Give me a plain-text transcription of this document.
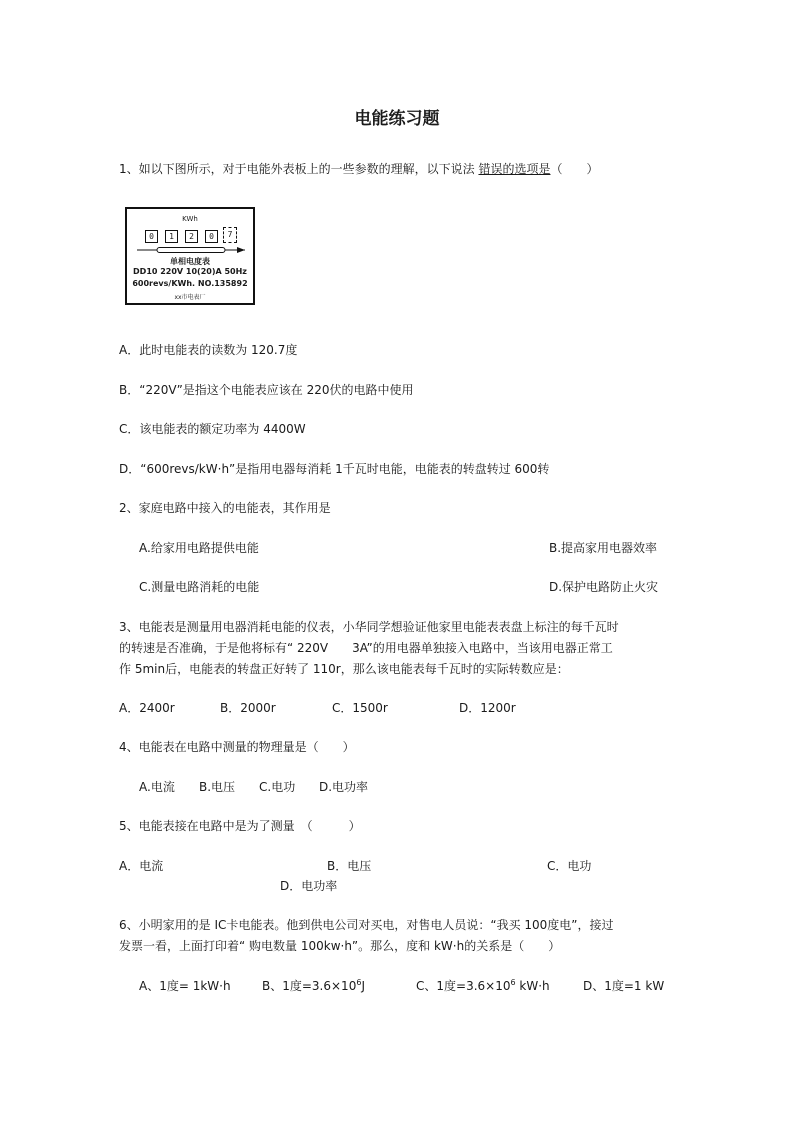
电能练习题
1、如以下图所示，对于电能外表板上的一些参数的理解，以下说法 错误的选项是（　　）
KWh
0 1 2 0	7
单相电度表
DD10 220V 10(20)A 50Hz
600revs/KWh. NO.135892
xx市电表厂
A．此时电能表的读数为 120.7度
B．“220V”是指这个电能表应该在 220伏的电路中使用
C．该电能表的额定功率为 4400W
D．“600revs/kW·h”是指用电器每消耗 1千瓦时电能，电能表的转盘转过 600转
2、家庭电路中接入的电能表，其作用是
A.给家用电路提供电能	B.提高家用电器效率
C.测量电路消耗的电能	D.保护电路防止火灾
3、电能表是测量用电器消耗电能的仪表，小华同学想验证他家里电能表表盘上标注的每千瓦时
的转速是否准确，于是他将标有“ 220V　　3A”的用电器单独接入电路中，当该用电器正常工
作 5min后，电能表的转盘正好转了 110r，那么该电能表每千瓦时的实际转数应是：
A．2400r	B．2000r	C．1500r	D．1200r
4、电能表在电路中测量的物理量是（　　）
A.电流 B.电压 C.电功 D.电功率
5、电能表接在电路中是为了测量　（　　　）
A．电流	B．电压	C．电功
D．电功率
6、小明家用的是 IC卡电能表。他到供电公司对买电，对售电人员说：“我买 100度电”，接过
发票一看，上面打印着“ 购电数量 100kw·h”。那么，度和 kW·h的关系是（　　）
A、1度= 1kW·h	B、1度$=3.6\times 10^6J$	C、1度$=3.6\times 10^6$ kW·h	D、1度=1 kW
